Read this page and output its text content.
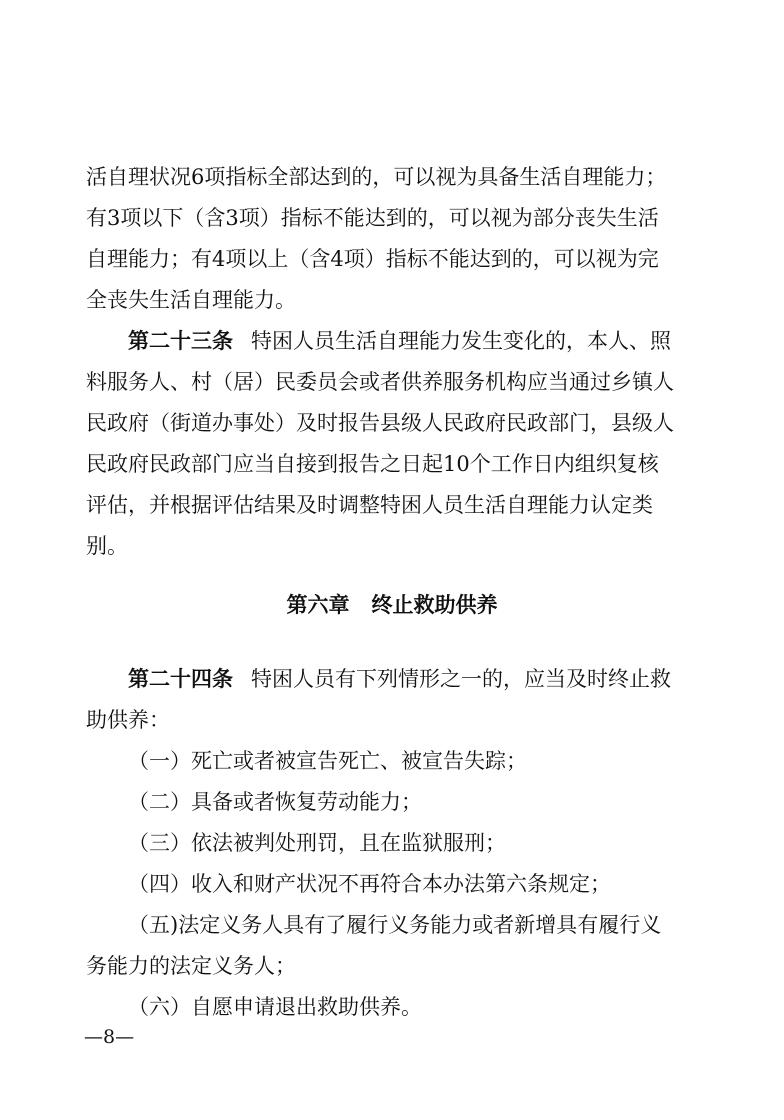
活自理状况6项指标全部达到的，可以视为具备生活自理能力；
有3项以下（含3项）指标不能达到的，可以视为部分丧失生活
自理能力；有4项以上（含4项）指标不能达到的，可以视为完
全丧失生活自理能力。
第二十三条 特困人员生活自理能力发生变化的，本人、照
料服务人、村（居）民委员会或者供养服务机构应当通过乡镇人
民政府（街道办事处）及时报告县级人民政府民政部门，县级人
民政府民政部门应当自接到报告之日起10个工作日内组织复核
评估，并根据评估结果及时调整特困人员生活自理能力认定类
别。
第六章 终止救助供养
第二十四条 特困人员有下列情形之一的，应当及时终止救
助供养：
（一）死亡或者被宣告死亡、被宣告失踪；
（二）具备或者恢复劳动能力；
（三）依法被判处刑罚，且在监狱服刑；
（四）收入和财产状况不再符合本办法第六条规定；
（五)法定义务人具有了履行义务能力或者新增具有履行义
务能力的法定义务人；
（六）自愿申请退出救助供养。
—8—
